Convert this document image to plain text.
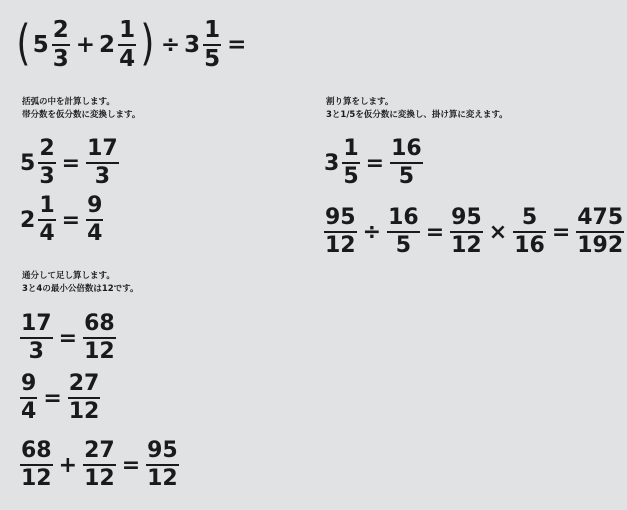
( $5 \frac{2}{3} + 2 \frac{1}{4}$ ) ÷ $3 \frac{1}{5}$ =
括弧の中を計算します。
帯分数を仮分数に変換します。
$5 \frac{2}{3} = \frac{17}{3}$
$2 \frac{1}{4} = \frac{9}{4}$
通分して足し算します。
3と4の最小公倍数は12です。
$\frac{17}{3} = \frac{68}{12}$
$\frac{9}{4} = \frac{27}{12}$
$\frac{68}{12} + \frac{27}{12} = \frac{95}{12}$
割り算をします。
3と1/5を仮分数に変換し、掛け算に変えます。
$3 \frac{1}{5} = \frac{16}{5}$
$\frac{95}{12} \div \frac{16}{5} = \frac{95}{12} \times \frac{5}{16} = \frac{475}{192}$
